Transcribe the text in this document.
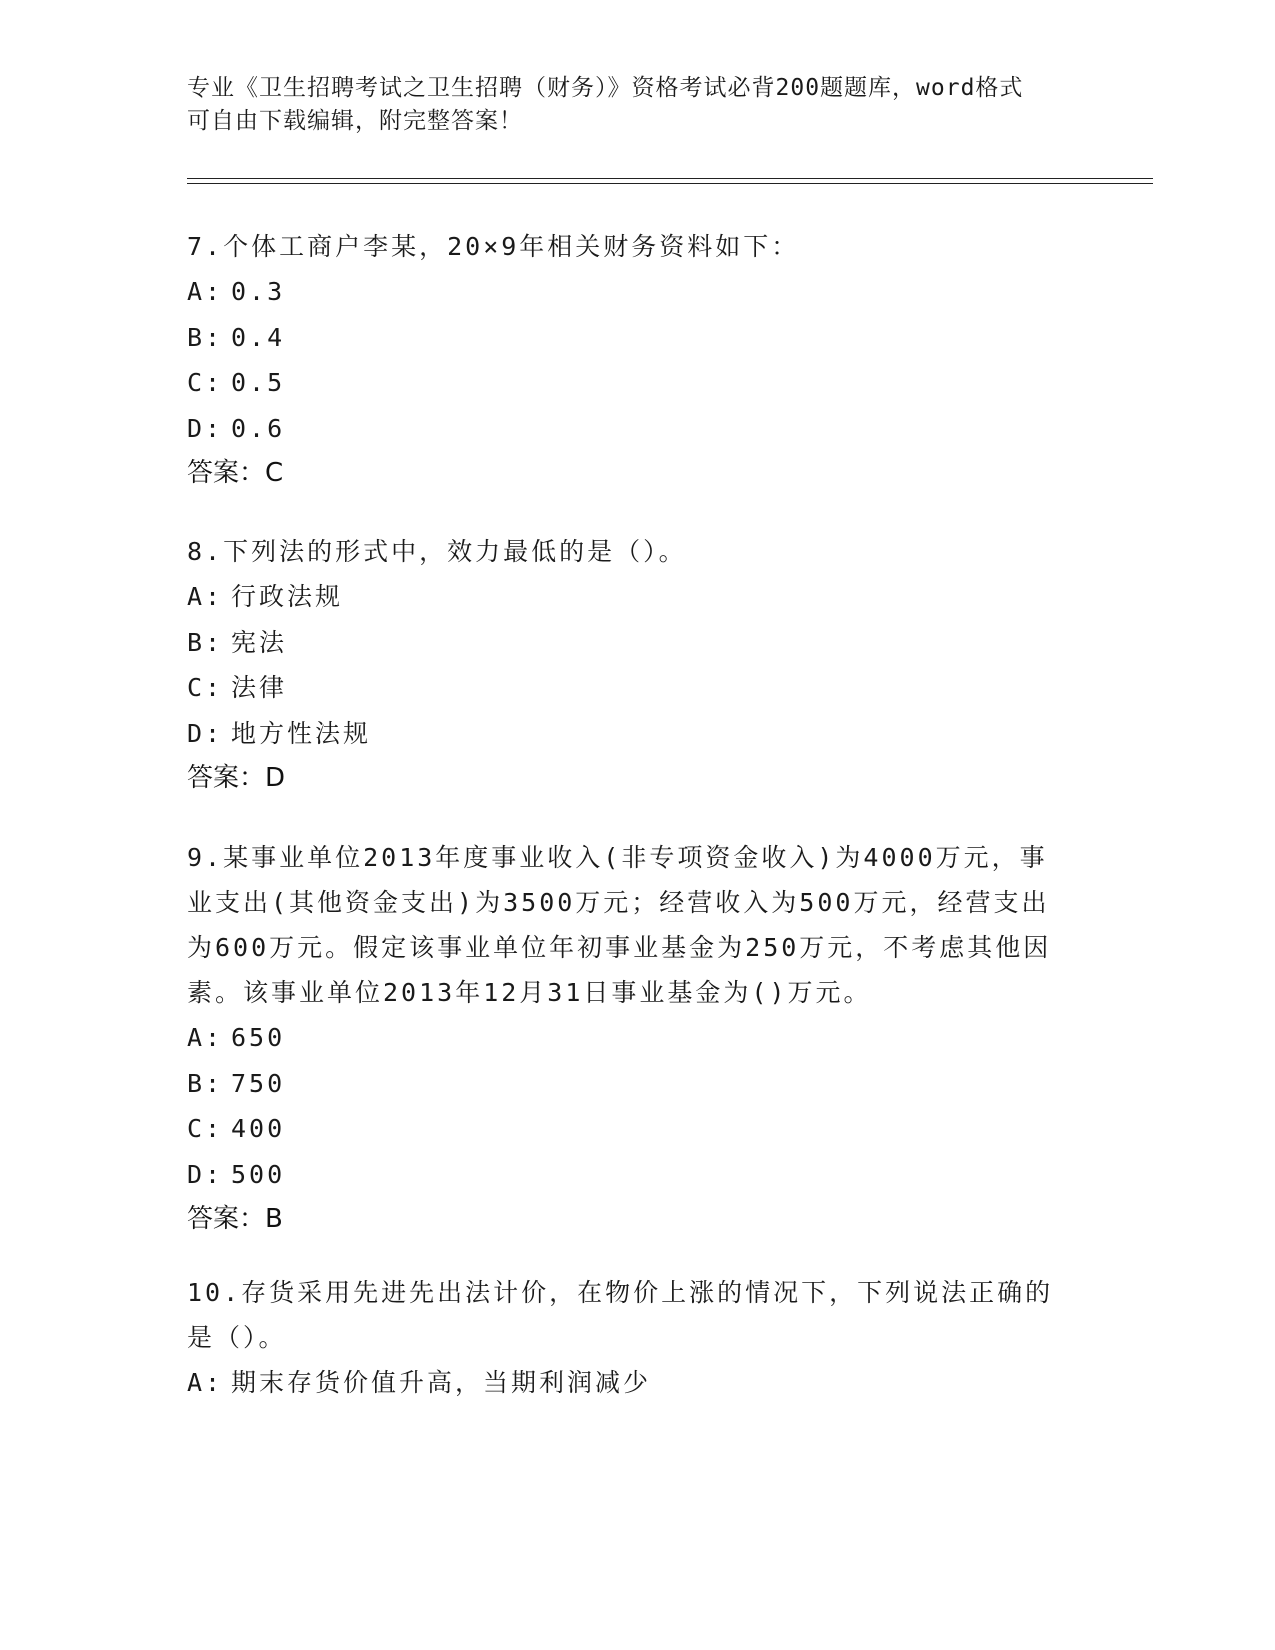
专业《卫生招聘考试之卫生招聘（财务）》资格考试必背200题题库，word格式
可自由下载编辑，附完整答案！

7.个体工商户李某，20×9年相关财务资料如下：

A: 0.3

B: 0.4

C: 0.5

D: 0.6

答案：C

8.下列法的形式中，效力最低的是（）。

A: 行政法规

B: 宪法

C: 法律

D: 地方性法规

答案：D

9.某事业单位2013年度事业收入(非专项资金收入)为4000万元，事业支出(其他资金支出)为3500万元；经营收入为500万元，经营支出为600万元。假定该事业单位年初事业基金为250万元，不考虑其他因素。该事业单位2013年12月31日事业基金为()万元。

A: 650

B: 750

C: 400

D: 500

答案：B

10.存货采用先进先出法计价，在物价上涨的情况下，下列说法正确的是（）。

A: 期末存货价值升高，当期利润减少
